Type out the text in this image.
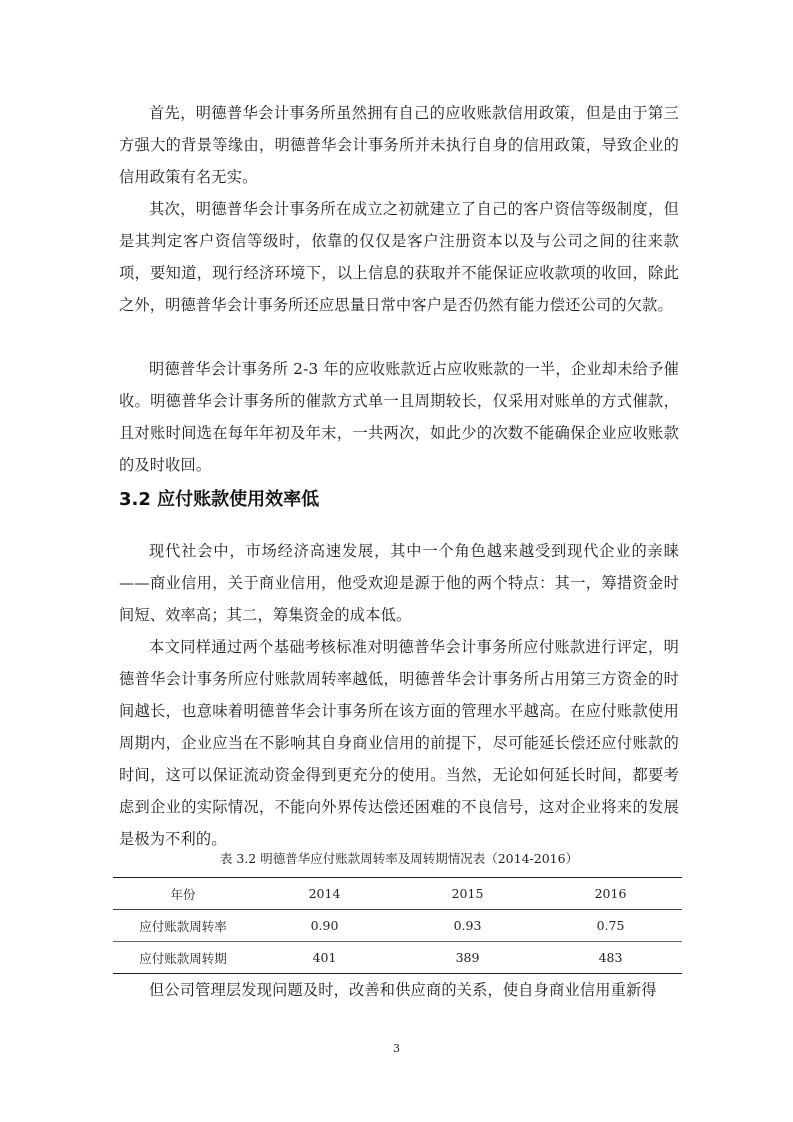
首先，明德普华会计事务所虽然拥有自己的应收账款信用政策，但是由于第三方强大的背景等缘由，明德普华会计事务所并未执行自身的信用政策，导致企业的信用政策有名无实。

其次，明德普华会计事务所在成立之初就建立了自己的客户资信等级制度，但是其判定客户资信等级时，依靠的仅仅是客户注册资本以及与公司之间的往来款项，要知道，现行经济环境下，以上信息的获取并不能保证应收款项的收回，除此之外，明德普华会计事务所还应思量日常中客户是否仍然有能力偿还公司的欠款。

明德普华会计事务所 2-3 年的应收账款近占应收账款的一半，企业却未给予催收。明德普华会计事务所的催款方式单一且周期较长，仅采用对账单的方式催款，且对账时间选在每年年初及年末，一共两次，如此少的次数不能确保企业应收账款的及时收回。

3.2 应付账款使用效率低

现代社会中，市场经济高速发展，其中一个角色越来越受到现代企业的亲睐——商业信用，关于商业信用，他受欢迎是源于他的两个特点：其一，筹措资金时间短、效率高；其二，筹集资金的成本低。

本文同样通过两个基础考核标准对明德普华会计事务所应付账款进行评定，明德普华会计事务所应付账款周转率越低，明德普华会计事务所占用第三方资金的时间越长，也意味着明德普华会计事务所在该方面的管理水平越高。在应付账款使用周期内，企业应当在不影响其自身商业信用的前提下，尽可能延长偿还应付账款的时间，这可以保证流动资金得到更充分的使用。当然，无论如何延长时间，都要考虑到企业的实际情况，不能向外界传达偿还困难的不良信号，这对企业将来的发展是极为不利的。

表 3.2 明德普华应付账款周转率及周转期情况表（2014-2016）

年份	2014	2015	2016
应付账款周转率	0.90	0.93	0.75
应付账款周转期	401	389	483

但公司管理层发现问题及时，改善和供应商的关系，使自身商业信用重新得

3
